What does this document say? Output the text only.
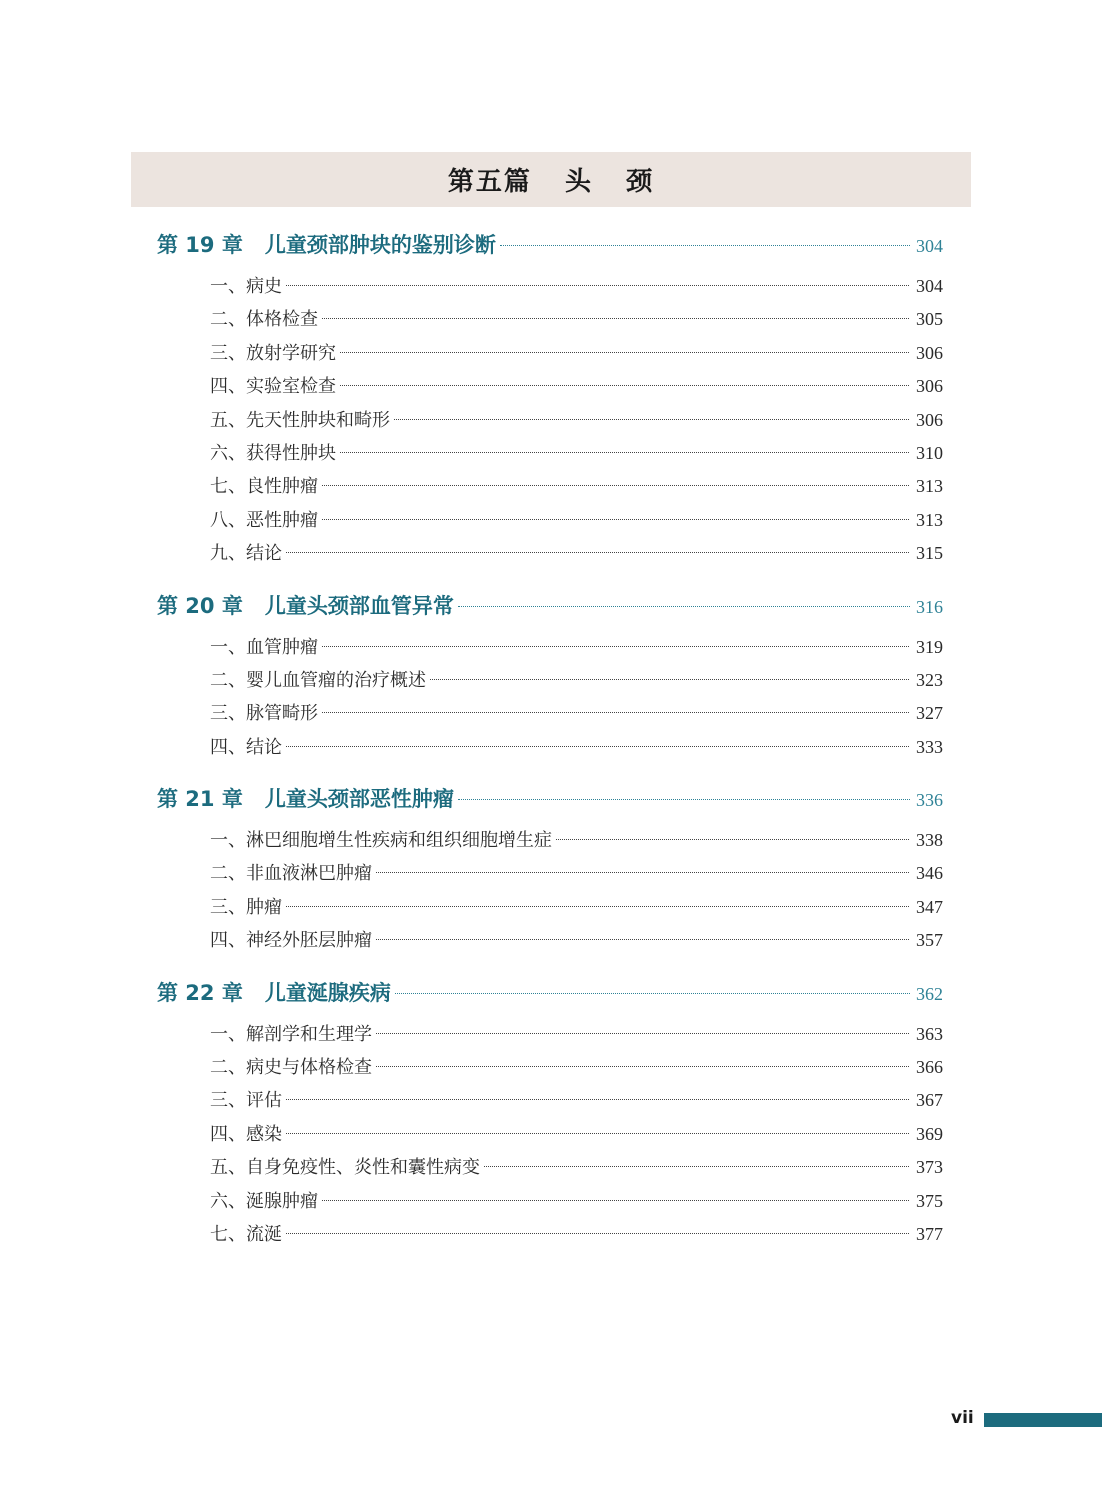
第五篇   头   颈
第 19 章 儿童颈部肿块的鉴别诊断	304
一、病史	304
二、体格检查	305
三、放射学研究	306
四、实验室检查	306
五、先天性肿块和畸形	306
六、获得性肿块	310
七、良性肿瘤	313
八、恶性肿瘤	313
九、结论	315
第 20 章 儿童头颈部血管异常	316
一、血管肿瘤	319
二、婴儿血管瘤的治疗概述	323
三、脉管畸形	327
四、结论	333
第 21 章 儿童头颈部恶性肿瘤	336
一、淋巴细胞增生性疾病和组织细胞增生症	338
二、非血液淋巴肿瘤	346
三、肿瘤	347
四、神经外胚层肿瘤	357
第 22 章 儿童涎腺疾病	362
一、解剖学和生理学	363
二、病史与体格检查	366
三、评估	367
四、感染	369
五、自身免疫性、炎性和囊性病变	373
六、涎腺肿瘤	375
七、流涎	377
vii
